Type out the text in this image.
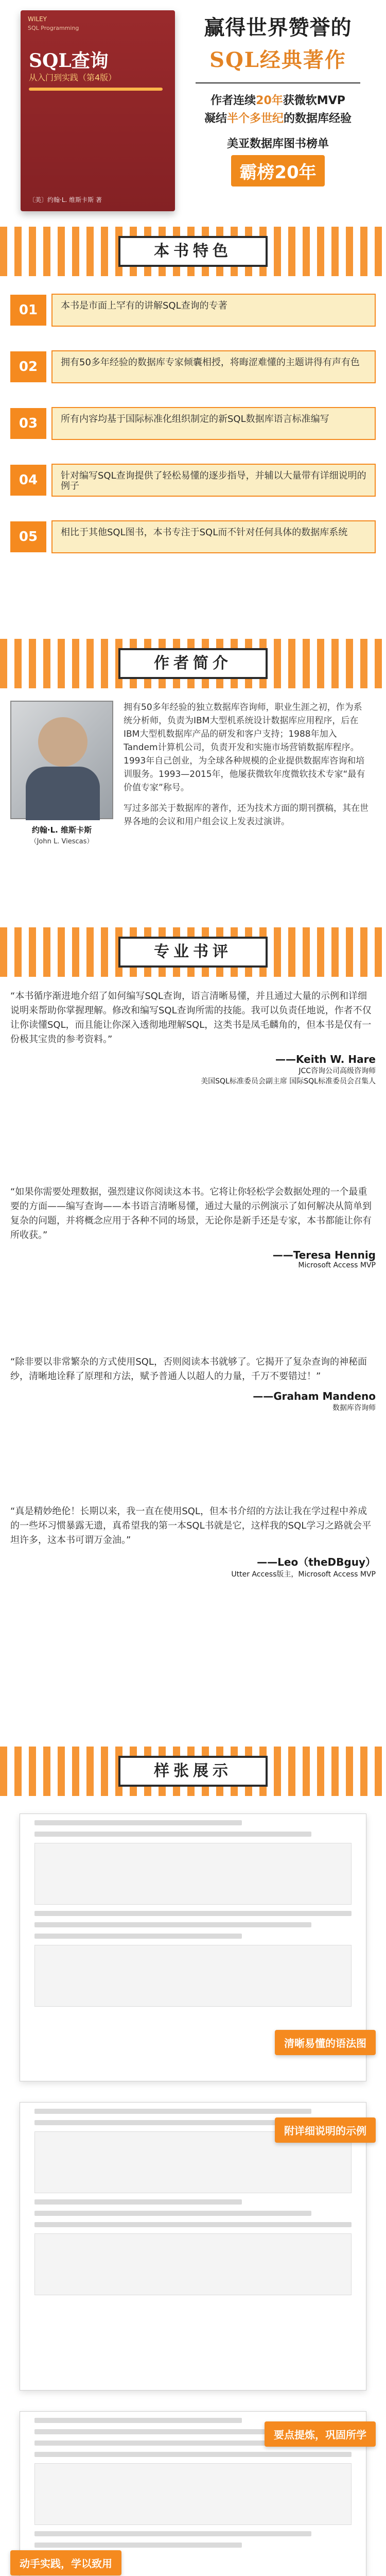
WILEY
SQL Programming
SQL查询
从入门到实践（第4版）
〔美〕约翰·L. 维斯卡斯 著
赢得世界赞誉的
SQL经典著作
作者连续20年获微软MVP
凝结半个多世纪的数据库经验
美亚数据库图书榜单
霸榜20年
本书特色
01	本书是市面上罕有的讲解SQL查询的专著
02	拥有50多年经验的数据库专家倾囊相授，将晦涩难懂的主题讲得有声有色
03	所有内容均基于国际标准化组织制定的新SQL数据库语言标准编写
04	针对编写SQL查询提供了轻松易懂的逐步指导，并辅以大量带有详细说明的例子
05	相比于其他SQL图书，本书专注于SQL而不针对任何具体的数据库系统
作者简介
约翰·L. 维斯卡斯
（John L. Viescas）

拥有50多年经验的独立数据库咨询师，职业生涯之初，作为系统分析师，负责为IBM大型机系统设计数据库应用程序，后在IBM大型机数据库产品的研发和客户支持；1988年加入Tandem计算机公司，负责开发和实施市场营销数据库程序。1993年自己创业，为全球各种规模的企业提供数据库咨询和培训服务。1993—2015年，他屡获微软年度微软技术专家“最有价值专家”称号。

写过多部关于数据库的著作，还为技术方面的期刊撰稿，其在世界各地的会议和用户组会议上发表过演讲。

专业书评
“本书循序渐进地介绍了如何编写SQL查询，语言清晰易懂，并且通过大量的示例和详细说明来帮助你掌握理解。修改和编写SQL查询所需的技能。我可以负责任地说，作者不仅让你读懂SQL，而且能让你深入透彻地理解SQL，这类书是凤毛麟角的，但本书是仅有一份极其宝贵的参考资料。”
——Keith W. Hare
JCC咨询公司高级咨询师
美国SQL标准委员会副主席 国际SQL标准委员会召集人
“如果你需要处理数据，强烈建议你阅读这本书。它将让你轻松学会数据处理的一个最重要的方面——编写查询——本书语言清晰易懂，通过大量的示例演示了如何解决从简单到复杂的问题，并将概念应用于各种不同的场景，无论你是新手还是专家，本书都能让你有所收获。”
——Teresa Hennig
Microsoft Access MVP
“除非要以非常繁杂的方式使用SQL，否则阅读本书就够了。它揭开了复杂查询的神秘面纱，清晰地诠释了原理和方法，赋予普通人以超人的力量，千万不要错过！”
——Graham Mandeno
数据库咨询师
“真是精妙绝伦！长期以来，我一直在使用SQL，但本书介绍的方法让我在学过程中养成的一些坏习惯暴露无遗，真希望我的第一本SQL书就是它，这样我的SQL学习之路就会平坦许多，这本书可谓万金油。”
——Leo（theDBguy）
Utter Access版主，Microsoft Access MVP
样张展示
清晰易懂的语法图
附详细说明的示例
要点提炼，巩固所学
动手实践，学以致用
